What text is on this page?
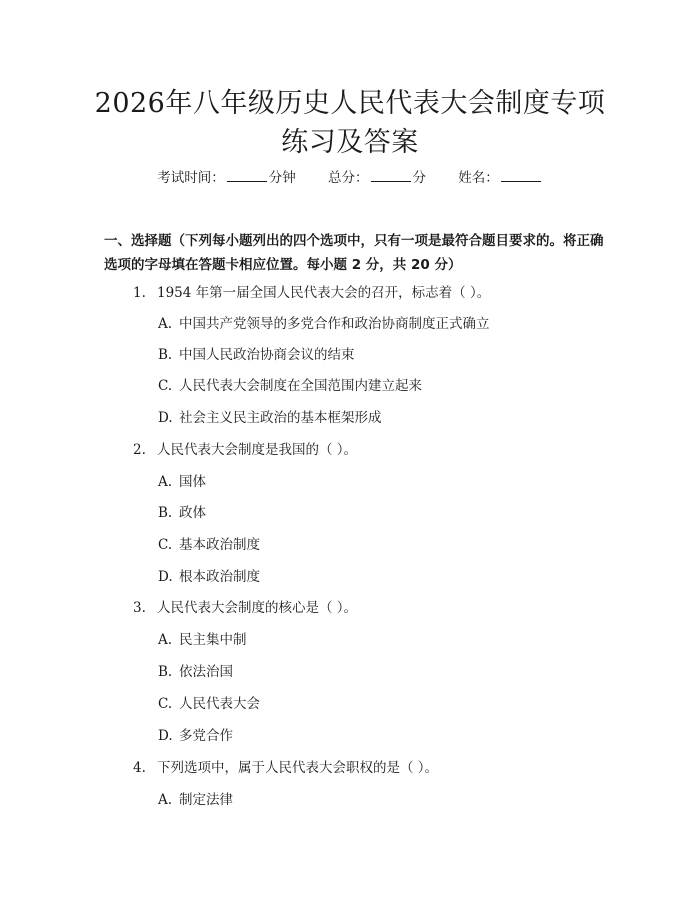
2026年八年级历史人民代表大会制度专项练习及答案
考试时间：	分钟 总分：	分 姓名：
一、选择题（下列每小题列出的四个选项中，只有一项是最符合题目要求的。将正确选项的字母填在答题卡相应位置。每小题 2 分，共 20 分）
1. 1954 年第一届全国人民代表大会的召开，标志着（ ）。
A. 中国共产党领导的多党合作和政治协商制度正式确立
B. 中国人民政治协商会议的结束
C. 人民代表大会制度在全国范围内建立起来
D. 社会主义民主政治的基本框架形成
2. 人民代表大会制度是我国的（ ）。
A. 国体
B. 政体
C. 基本政治制度
D. 根本政治制度
3. 人民代表大会制度的核心是（ ）。
A. 民主集中制
B. 依法治国
C. 人民代表大会
D. 多党合作
4. 下列选项中，属于人民代表大会职权的是（ ）。
A. 制定法律
